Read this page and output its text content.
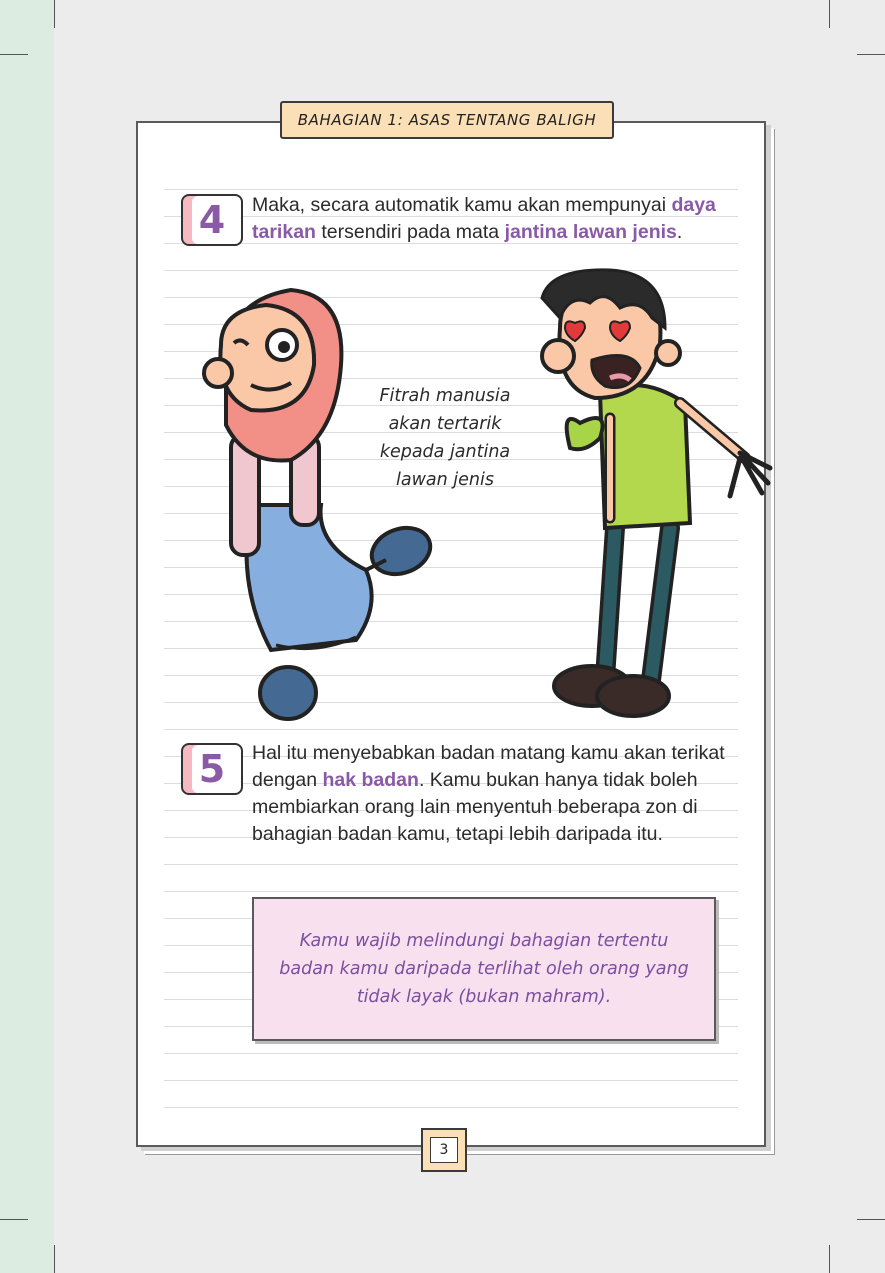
BAHAGIAN 1: ASAS TENTANG BALIGH
4 Maka, secara automatik kamu akan mempunyai daya tarikan tersendiri pada mata jantina lawan jenis.
Fitrah manusia
akan tertarik
kepada jantina
lawan jenis
5 Hal itu menyebabkan badan matang kamu akan terikat dengan hak badan. Kamu bukan hanya tidak boleh membiarkan orang lain menyentuh beberapa zon di bahagian badan kamu, tetapi lebih daripada itu.
Kamu wajib melindungi bahagian tertentu badan kamu daripada terlihat oleh orang yang tidak layak (bukan mahram).
3
